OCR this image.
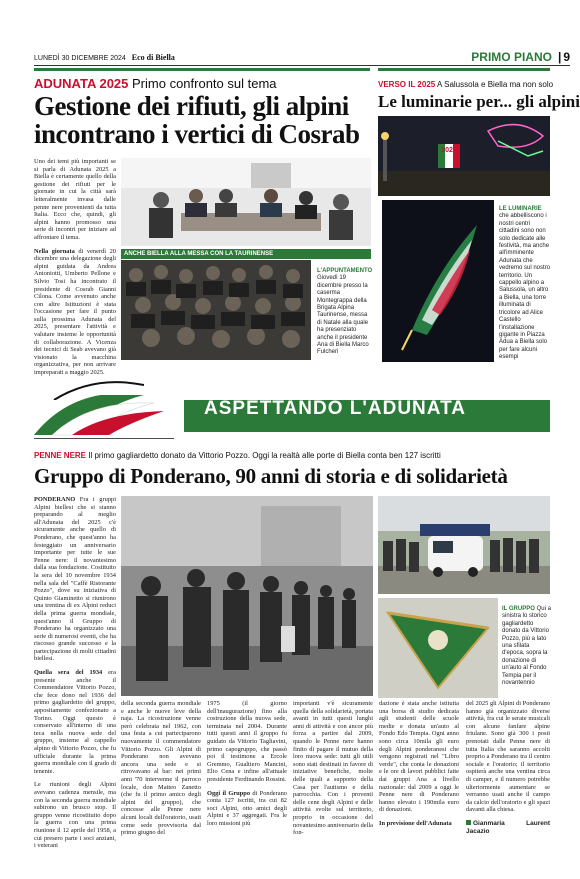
LUNEDÌ 30 DICEMBRE 2024 Eco di Biella	PRIMO PIANO | 9
ADUNATA 2025 Primo confronto sul tema
Gestione dei rifiuti, gli alpini
incontrano i vertici di Cosrab

Uno dei temi più importanti se si parla di Adunata 2025 a Biella è certamente quello della gestione dei rifiuti per le giornate in cui la città sarà letteralmente invasa dalle penne nere provenienti da tutta Italia. Ecco che, quindi, gli alpini hanno promosso una serie di incontri per iniziare ad affrontare il tema.

Nella giornata di venerdì 20 dicembre una delegazione degli alpini guidata da Andrea Antoniotti, Umberto Pellone e Silvio Tosi ha incontrato il presidente di Cosrab Gianni Cilona. Come avvenuto anche con altre Istituzioni è stata l'occasione per fare il punto sulla prossima Adunata del 2025, presentare l'attività e valutare insieme le opportunità di collaborazione. A Vicenza dei tecnici di Seab avevano già visionato la macchina organizzativa, per non arrivare impreparati a maggio 2025.

ANCHE BIELLA ALLA MESSA CON LA TAURINENSE
L'APPUNTAMENTO Giovedì 19 dicembre presso la caserma Montegrappa della Brigata Alpina Taurinense, messa di Natale alla quale ha presenziato anche il presidente Ana di Biella Marco Fulcheri
VERSO IL 2025 A Salussola e Biella ma non solo
Le luminarie per... gli alpini
2025
LE LUMINARIE che abbelliscono i nostri centri cittadini sono non solo dedicate alle festività, ma anche all'imminente Adunata che vedremo sul nostro territorio. Un cappello alpino a Salussola, un altro a Biella, una torre illuminata di tricolore ad Alice Castello l'installazione gigante in Piazza Adua a Biella solo per fare alcuni esempi
ASPETTANDO L'ADUNATA
PENNE NERE Il primo gagliardetto donato da Vittorio Pozzo. Oggi la realtà alle porte di Biella conta ben 127 iscritti
Gruppo di Ponderano, 90 anni di storia e di solidarietà

PONDERANO Fra i gruppi Alpini biellesi che si stanno preparando al meglio all'Adunata del 2025 c'è sicuramente anche quello di Ponderano, che quest'anno ha festeggiato un anniversario importante per tutte le sue Penne nere: il novantesimo dalla sua fondazione. Costituito la sera del 10 novembre 1934 nella sala del "Caffè Ristorante Pozzo", dove su iniziativa di Quinto Giaminetto si riunirono una trentina di ex Alpini reduci della prima guerra mondiale, quest'anno il Gruppo di Ponderano ha organizzato una serie di numerosi eventi, che ha riscosso grande successo e la partecipazione di molti cittadini biellesi.

Quella sera del 1934 era presente anche il Commendatore Vittorio Pozzo, che fece dono nel 1936 del primo gagliardetto del gruppo, appositamente confezionato a Torino. Oggi questo è conservato all'interno di una teca nella nuova sede del gruppo, insieme al cappello alpino di Vittorio Pozzo, che fu ufficiale durante la prima guerra mondiale con il grado di tenente.

Le riunioni degli Alpini avevano cadenza mensile, ma con la seconda guerra mondiale subirono un brusco stop. Il gruppo venne ricostituito dopo la guerra con una prima riunione il 12 aprile del 1958, a cui presero parte i soci anziani, i veterani

IL GRUPPO Qui a sinistra lo storico gagliardetto donato da Vittorio Pozzo, più a lato una sfilata d'epoca, sopra la donazione di un'auto al Fondo Tempia per il novantennio
della seconda guerra mondiale e anche le nuove leve della naja. La ricostruzione venne però celebrata nel 1962, con una festa a cui parteciparono nuovamente il commendatore Vittorio Pozzo. Gli Alpini di Ponderano non avevano ancora una sede e si ritrovavano al bar: nei primi anni '70 intervenne il parroco locale, don Matteo Zanetto (che fu il primo amico degli alpini del gruppo), che concesse alle Penne nere alcuni locali dell'oratorio, usati come sede provvisoria dal primo giugno del

1975 (il giorno dell'inaugurazione) fino alla costruzione della nuova sede, terminata nel 2004. Durante tutti questi anni il gruppo fu guidato da Vittorio Tagliavini, primo capogruppo, che passò poi il testimone a Ercole Gremmo, Gualtiero Mancini, Elio Cena e infine all'attuale presidente Ferdinando Rossini.

Oggi il Gruppo di Ponderano conta 127 iscritti, tra cui 82 soci Alpini, otto amici degli Alpini e 37 aggregati. Fra le loro missioni più

importanti v'è sicuramente quella della solidarietà, portata avanti in tutti questi lunghi anni di attività e con ancor più forza a partire dal 2009, quando le Penne nere hanno finito di pagare il mutuo della loro nuova sede: tutti gli utili sono stati destinati in favore di iniziative benefiche, molte delle quali a supporto della Casa per l'autismo e della parrocchia. Con i proventi delle cene degli Alpini e delle attività svolte sul territorio, proprio in occasione del novantesimo anniversario della fon-

dazione è stata anche istituita una borsa di studio dedicata agli studenti delle scuole medie e donata un'auto al Fondo Edo Tempia. Ogni anno sono circa 10mila gli euro degli Alpini ponderanesi che vengono registrati nel "Libro verde", che conta le donazioni e le ore di lavori pubblici fatte dai gruppi Ana a livello nazionale: dal 2009 a oggi le Penne nere di Ponderano hanno elevato i 190mila euro di donazioni.

In previsione dell'Adunata

del 2025 gli Alpini di Ponderano hanno già organizzato diverse attività, fra cui le serate musicali con alcune fanfare alpine friulane. Sono già 300 i posti prenotati dalle Penne nere di tutta Italia che saranno accolti proprio a Ponderano tra il centro sociale e l'oratorio; il territorio ospiterà anche una ventina circa di camper, e il numero potrebbe ulteriormente aumentare se verranno usati anche il campo da calcio dell'oratorio e gli spazi davanti alla chiesa.

Gianmaria Laurent Jacazio
